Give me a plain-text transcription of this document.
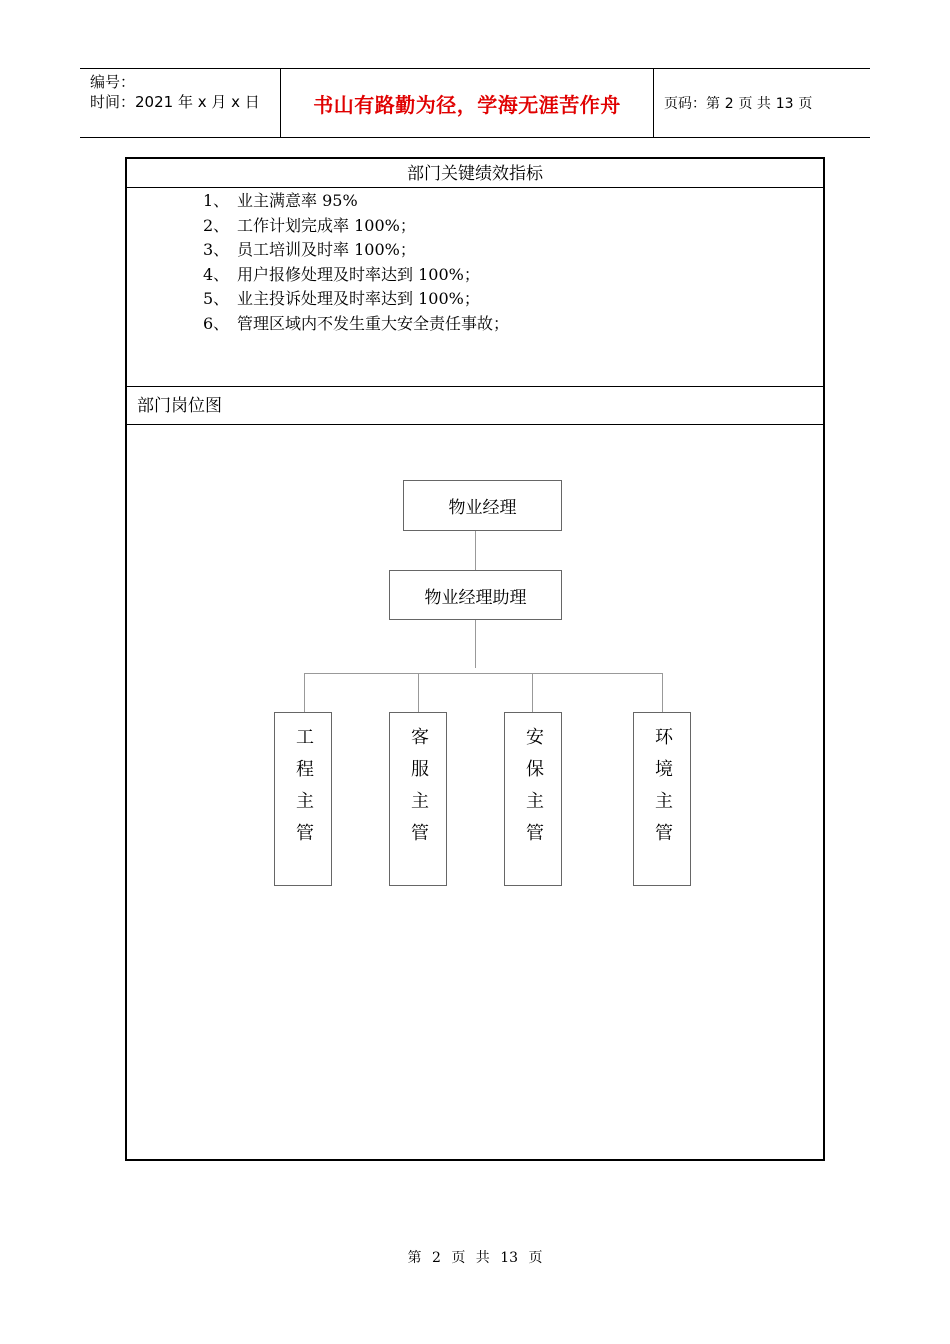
编号：
时间：2021 年 x 月 x 日	书山有路勤为径，学海无涯苦作舟	页码：第 2 页 共 13 页
部门关键绩效指标
1、 业主满意率 95%
2、 工作计划完成率 100%；
3、 员工培训及时率 100%；
4、 用户报修处理及时率达到 100%；
5、 业主投诉处理及时率达到 100%；
6、 管理区域内不发生重大安全责任事故；
部门岗位图
物业经理
物业经理助理
工程主管	客服主管	安保主管	环境主管
第 2 页 共 13 页
